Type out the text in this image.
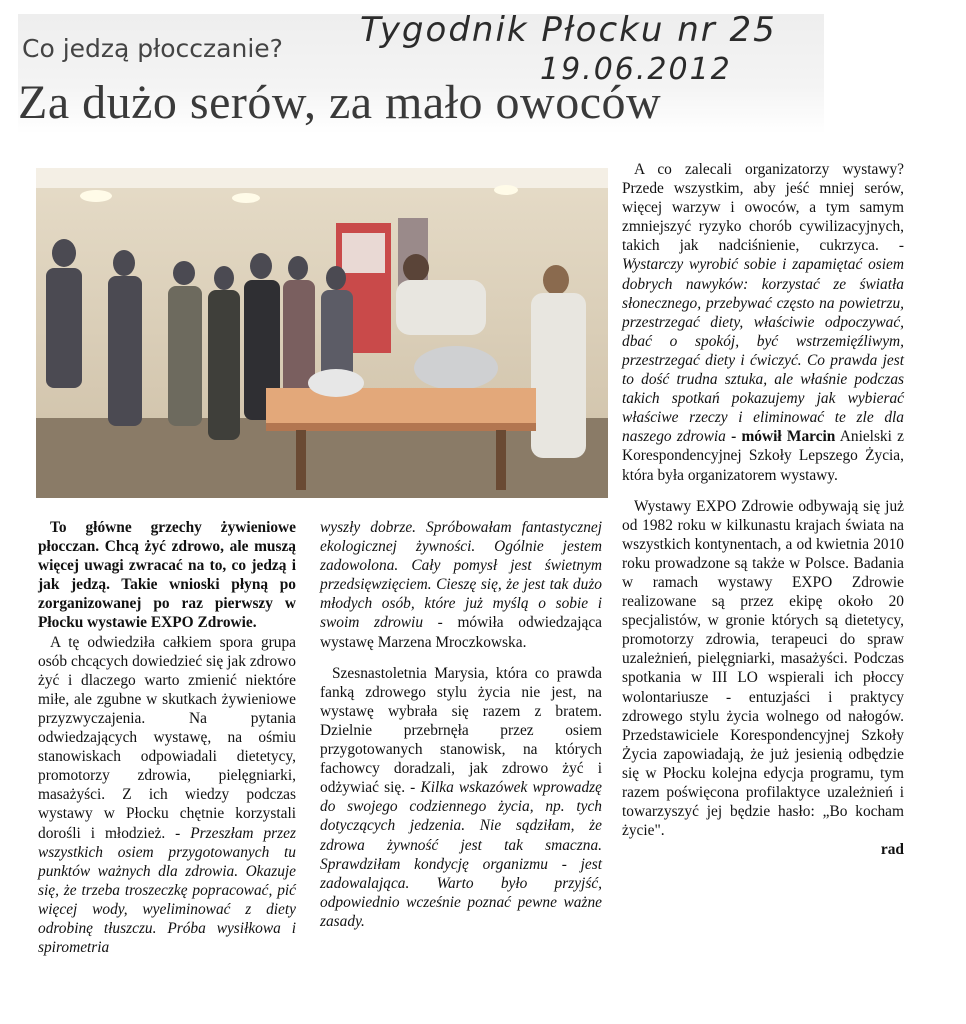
Co jedzą płocczanie?
Za dużo serów, za mało owoców
Tygodnik Płocku nr 25
19.06.2012

To główne grzechy żywieniowe płocczan. Chcą żyć zdrowo, ale muszą więcej uwagi zwracać na to, co jedzą i jak jedzą. Takie wnioski płyną po zorganizowanej po raz pierwszy w Płocku wystawie EXPO Zdrowie.

A tę odwiedziła całkiem spora grupa osób chcących dowiedzieć się jak zdrowo żyć i dlaczego warto zmienić niektóre miłe, ale zgubne w skutkach żywieniowe przyzwyczajenia. Na pytania odwiedzających wystawę, na ośmiu stanowiskach odpowiadali dietetycy, promotorzy zdrowia, pielęgniarki, masażyści. Z ich wiedzy podczas wystawy w Płocku chętnie korzystali dorośli i młodzież. - Przeszłam przez wszystkich osiem przygotowanych tu punktów ważnych dla zdrowia. Okazuje się, że trzeba troszeczkę popracować, pić więcej wody, wyeliminować z diety odrobinę tłuszczu. Próba wysiłkowa i spirometria

wyszły dobrze. Spróbowałam fantastycznej ekologicznej żywności. Ogólnie jestem zadowolona. Cały pomysł jest świetnym przedsięwzięciem. Cieszę się, że jest tak dużo młodych osób, które już myślą o sobie i swoim zdrowiu - mówiła odwiedzająca wystawę Marzena Mroczkowska.

Szesnastoletnia Marysia, która co prawda fanką zdrowego stylu życia nie jest, na wystawę wybrała się razem z bratem. Dzielnie przebrnęła przez osiem przygotowanych stanowisk, na których fachowcy doradzali, jak zdrowo żyć i odżywiać się. - Kilka wskazówek wprowadzę do swojego codziennego życia, np. tych dotyczących jedzenia. Nie sądziłam, że zdrowa żywność jest tak smaczna. Sprawdziłam kondycję organizmu - jest zadowalająca. Warto było przyjść, odpowiednio wcześnie poznać pewne ważne zasady.

A co zalecali organizatorzy wystawy? Przede wszystkim, aby jeść mniej serów, więcej warzyw i owoców, a tym samym zmniejszyć ryzyko chorób cywilizacyjnych, takich jak nadciśnienie, cukrzyca. - Wystarczy wyrobić sobie i zapamiętać osiem dobrych nawyków: korzystać ze światła słonecznego, przebywać często na powietrzu, przestrzegać diety, właściwie odpoczywać, dbać o spokój, być wstrzemięźliwym, przestrzegać diety i ćwiczyć. Co prawda jest to dość trudna sztuka, ale właśnie podczas takich spotkań pokazujemy jak wybierać właściwe rzeczy i eliminować te zle dla naszego zdrowia - mówił Marcin Anielski z Korespondencyjnej Szkoły Lepszego Życia, która była organizatorem wystawy.

Wystawy EXPO Zdrowie odbywają się już od 1982 roku w kilkunastu krajach świata na wszystkich kontynentach, a od kwietnia 2010 roku prowadzone są także w Polsce. Badania w ramach wystawy EXPO Zdrowie realizowane są przez ekipę około 20 specjalistów, w gronie których są dietetycy, promotorzy zdrowia, terapeuci do spraw uzależnień, pielęgniarki, masażyści. Podczas spotkania w III LO wspierali ich płoccy wolontariusze - entuzjaści i praktycy zdrowego stylu życia wolnego od nałogów. Przedstawiciele Korespondencyjnej Szkoły Życia zapowiadają, że już jesienią odbędzie się w Płocku kolejna edycja programu, tym razem poświęcona profilaktyce uzależnień i towarzyszyć jej będzie hasło: „Bo kocham życie".

rad
